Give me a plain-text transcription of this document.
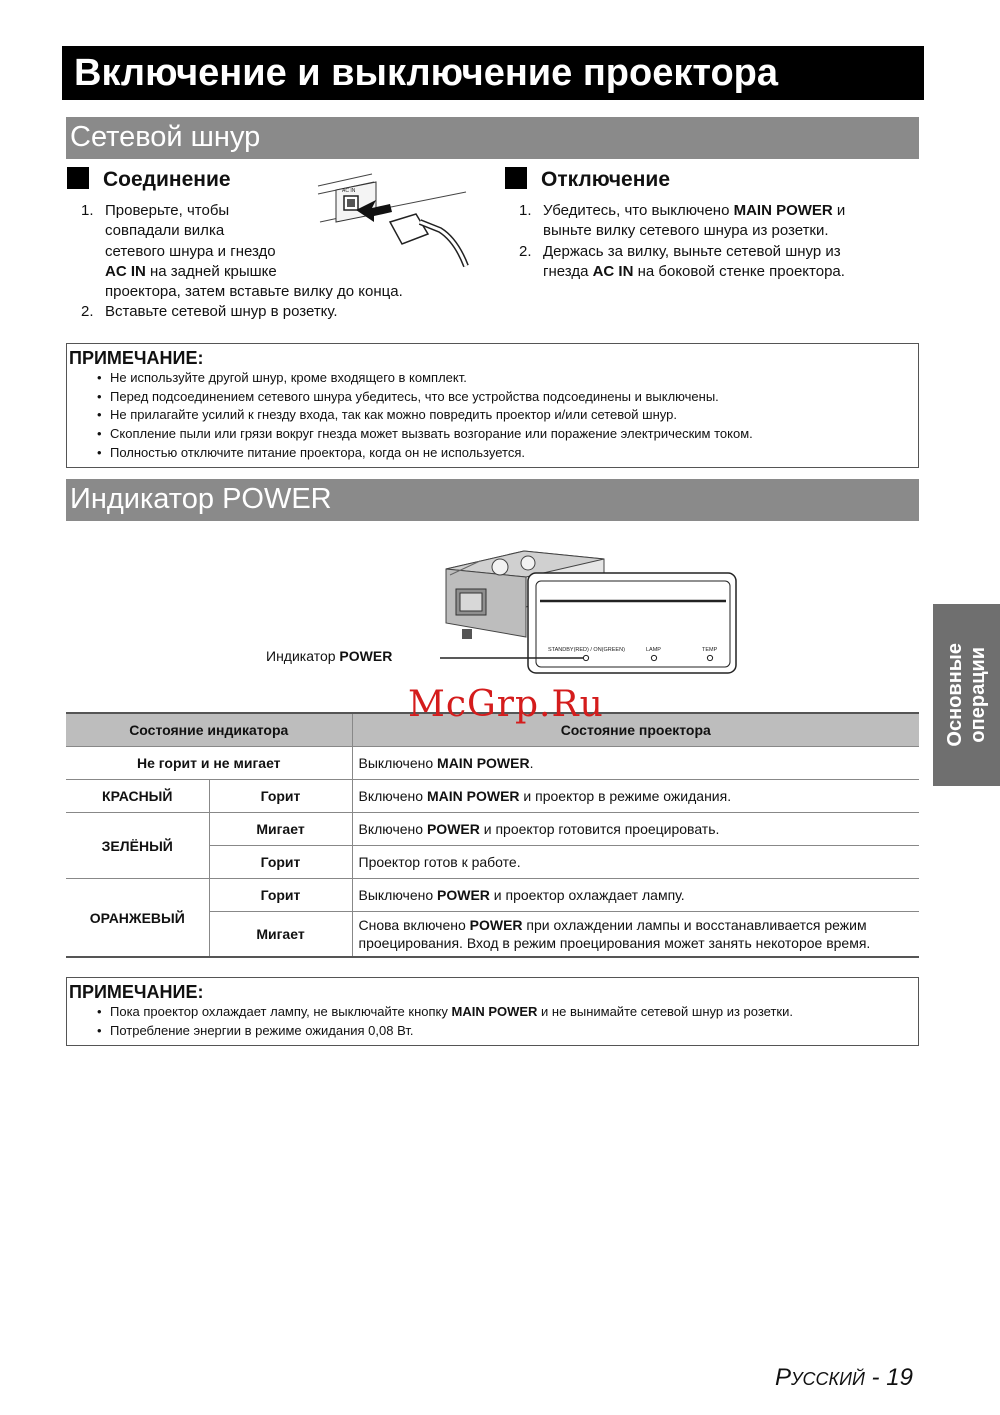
Включение и выключение проектора
Сетевой шнур
Соединение
1. Проверьте, чтобы
совпадали вилка
сетевого шнура и гнездо
AC IN на задней крышке
проектора, затем вставьте вилку до конца.
2. Вставьте сетевой шнур в розетку.
AC IN	Отключение
1. Убедитесь, что выключено MAIN POWER и
выньте вилку сетевого шнура из розетки.
2. Держась за вилку, выньте сетевой шнур из
гнезда AC IN на боковой стенке проектора.
ПРИМЕЧАНИЕ:
• Не используйте другой шнур, кроме входящего в комплект.
• Перед подсоединением сетевого шнура убедитесь, что все устройства подсоединены и выключены.
• Не прилагайте усилий к гнезду входа, так как можно повредить проектор и/или сетевой шнур.
• Скопление пыли или грязи вокруг гнезда может вызвать возгорание или поражение электрическим током.
• Полностью отключите питание проектора, когда он не используется.
Индикатор POWER
STANDBY(RED) / ON(GREEN)	LAMP	TEMP
Индикатор POWER
Состояние индикатора		Состояние проектора
Не горит и не мигает		Выключено MAIN POWER.
КРАСНЫЙ	Горит	Включено MAIN POWER и проектор в режиме ожидания.
ЗЕЛЁНЫЙ	Мигает	Включено POWER и проектор готовится проецировать.
	Горит	Проектор готов к работе.
ОРАНЖЕВЫЙ	Горит	Выключено POWER и проектор охлаждает лампу.
	Мигает	Снова включено POWER при охлаждении лампы и восстанавливается режим
проецирования. Вход в режим проецирования может занять некоторое время.
ПРИМЕЧАНИЕ:
• Пока проектор охлаждает лампу, не выключайте кнопку MAIN POWER и не вынимайте сетевой шнур из розетки.
• Потребление энергии в режиме ожидания 0,08 Вт.
Основные
операции
McGrp.Ru
РУССКИЙ - 19
